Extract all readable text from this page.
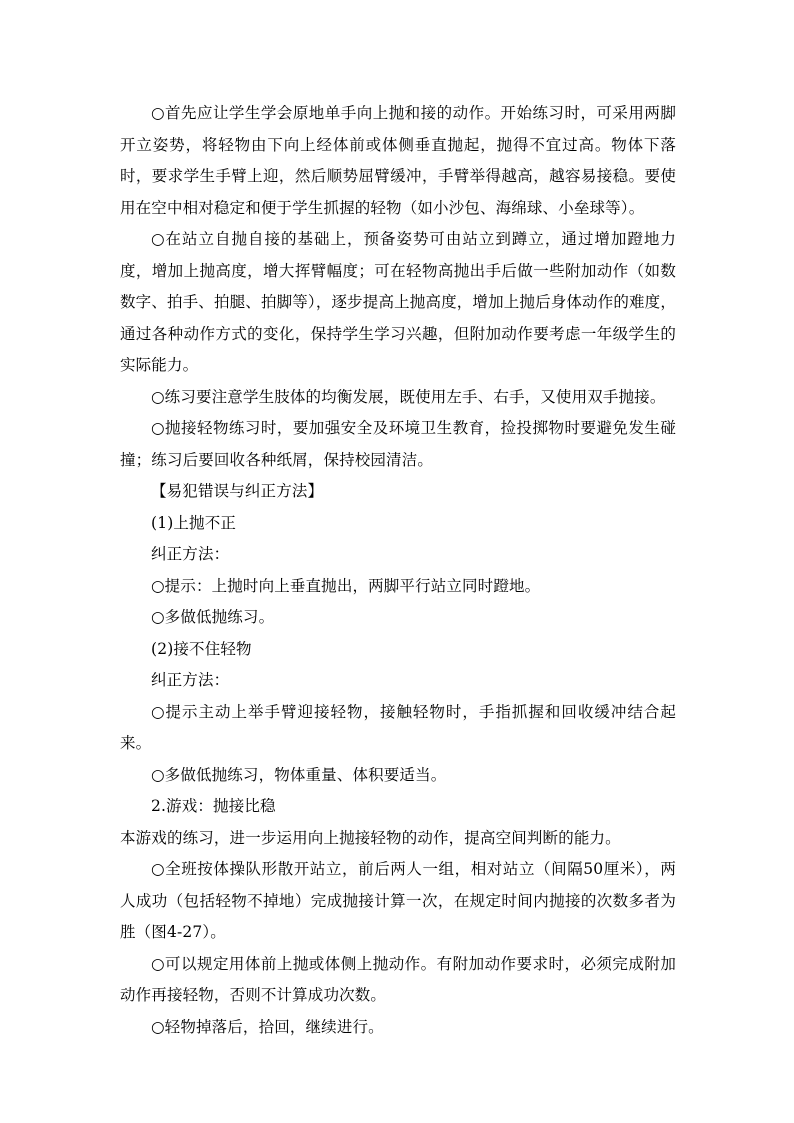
○首先应让学生学会原地单手向上抛和接的动作。开始练习时，可采用两脚开立姿势，将轻物由下向上经体前或体侧垂直抛起，抛得不宜过高。物体下落时，要求学生手臂上迎，然后顺势屈臂缓冲，手臂举得越高，越容易接稳。要使用在空中相对稳定和便于学生抓握的轻物（如小沙包、海绵球、小垒球等）。

○在站立自抛自接的基础上，预备姿势可由站立到蹲立，通过增加蹬地力度，增加上抛高度，增大挥臂幅度；可在轻物高抛出手后做一些附加动作（如数数字、拍手、拍腿、拍脚等），逐步提高上抛高度，增加上抛后身体动作的难度，通过各种动作方式的变化，保持学生学习兴趣，但附加动作要考虑一年级学生的实际能力。

○练习要注意学生肢体的均衡发展，既使用左手、右手，又使用双手抛接。

○抛接轻物练习时，要加强安全及环境卫生教育，捡投掷物时要避免发生碰撞；练习后要回收各种纸屑，保持校园清洁。

【易犯错误与纠正方法】

(1)上抛不正

纠正方法：

○提示：上抛时向上垂直抛出，两脚平行站立同时蹬地。

○多做低抛练习。

(2)接不住轻物

纠正方法：

○提示主动上举手臂迎接轻物，接触轻物时，手指抓握和回收缓冲结合起来。

○多做低抛练习，物体重量、体积要适当。

2.游戏：抛接比稳

本游戏的练习，进一步运用向上抛接轻物的动作，提高空间判断的能力。

○全班按体操队形散开站立，前后两人一组，相对站立（间隔50厘米），两人成功（包括轻物不掉地）完成抛接计算一次，在规定时间内抛接的次数多者为胜（图4-27）。

○可以规定用体前上抛或体侧上抛动作。有附加动作要求时，必须完成附加动作再接轻物，否则不计算成功次数。

○轻物掉落后，拾回，继续进行。
